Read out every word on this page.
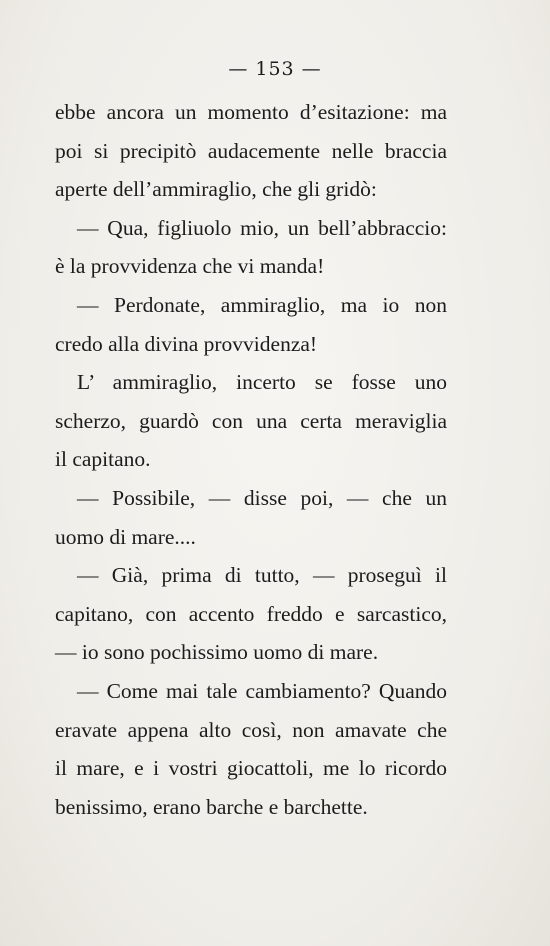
— 153 —
ebbe ancora un momento d’esitazione: ma
poi si precipitò audacemente nelle braccia
aperte dell’ammiraglio, che gli gridò:
— Qua, figliuolo mio, un bell’abbraccio:
è la provvidenza che vi manda!
— Perdonate, ammiraglio, ma io non
credo alla divina provvidenza!
L’ ammiraglio, incerto se fosse uno
scherzo, guardò con una certa meraviglia
il capitano.
— Possibile, — disse poi, — che un
uomo di mare....
— Già, prima di tutto, — proseguì il
capitano, con accento freddo e sarcastico,
— io sono pochissimo uomo di mare.
— Come mai tale cambiamento? Quando
eravate appena alto così, non amavate che
il mare, e i vostri giocattoli, me lo ricordo
benissimo, erano barche e barchette.
